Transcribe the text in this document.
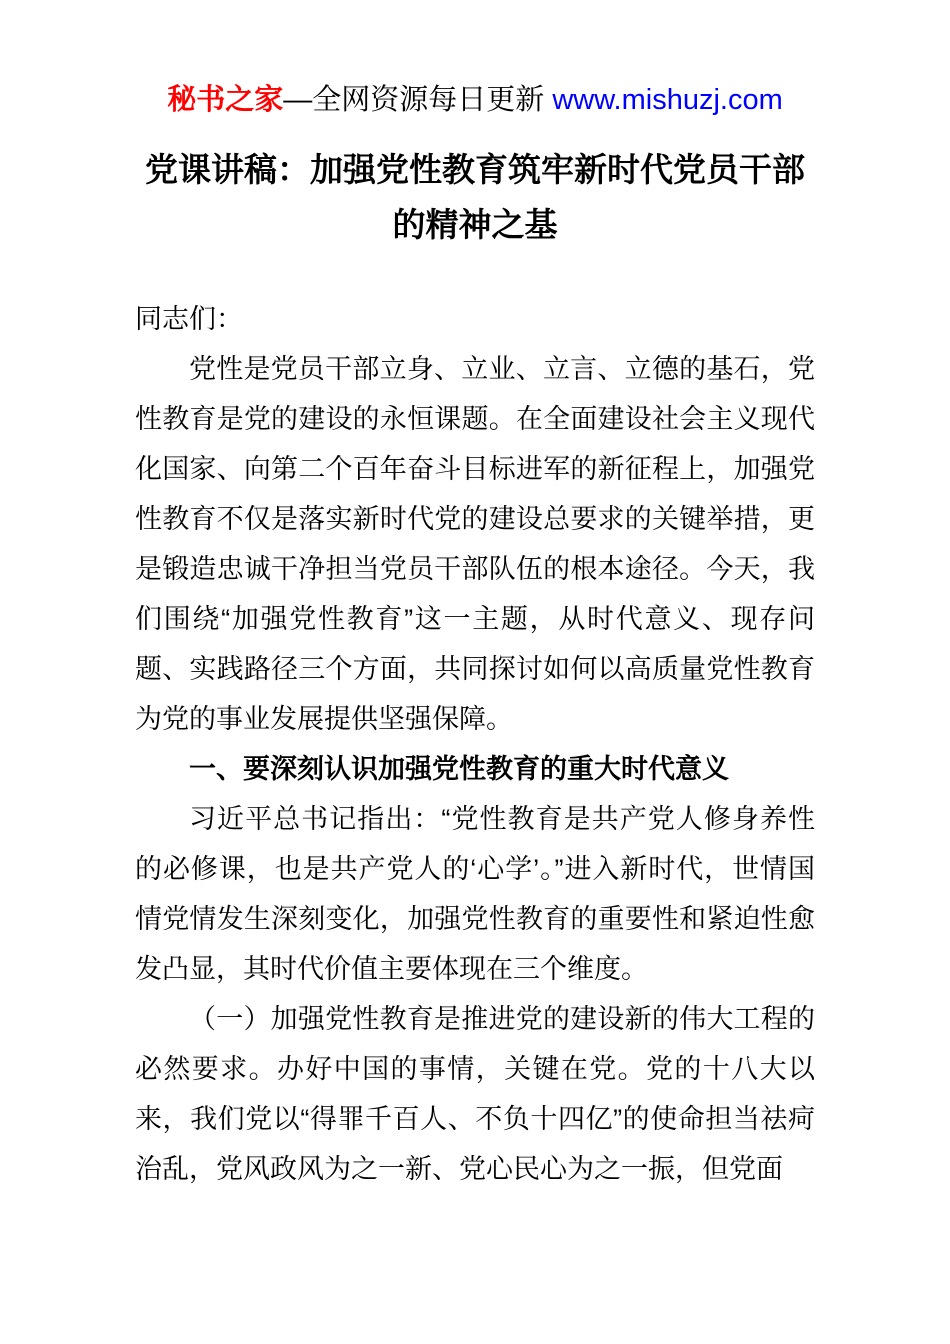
秘书之家—全网资源每日更新 www.mishuzj.com
党课讲稿：加强党性教育筑牢新时代党员干部的精神之基

同志们：

党性是党员干部立身、立业、立言、立德的基石，党性教育是党的建设的永恒课题。在全面建设社会主义现代化国家、向第二个百年奋斗目标进军的新征程上，加强党性教育不仅是落实新时代党的建设总要求的关键举措，更是锻造忠诚干净担当党员干部队伍的根本途径。今天，我们围绕“加强党性教育”这一主题，从时代意义、现存问题、实践路径三个方面，共同探讨如何以高质量党性教育为党的事业发展提供坚强保障。

一、要深刻认识加强党性教育的重大时代意义

习近平总书记指出：“党性教育是共产党人修身养性的必修课，也是共产党人的‘心学’。”进入新时代，世情国情党情发生深刻变化，加强党性教育的重要性和紧迫性愈发凸显，其时代价值主要体现在三个维度。

（一）加强党性教育是推进党的建设新的伟大工程的必然要求。办好中国的事情，关键在党。党的十八大以来，我们党以“得罪千百人、不负十四亿”的使命担当祛疴治乱，党风政风为之一新、党心民心为之一振，但党面
